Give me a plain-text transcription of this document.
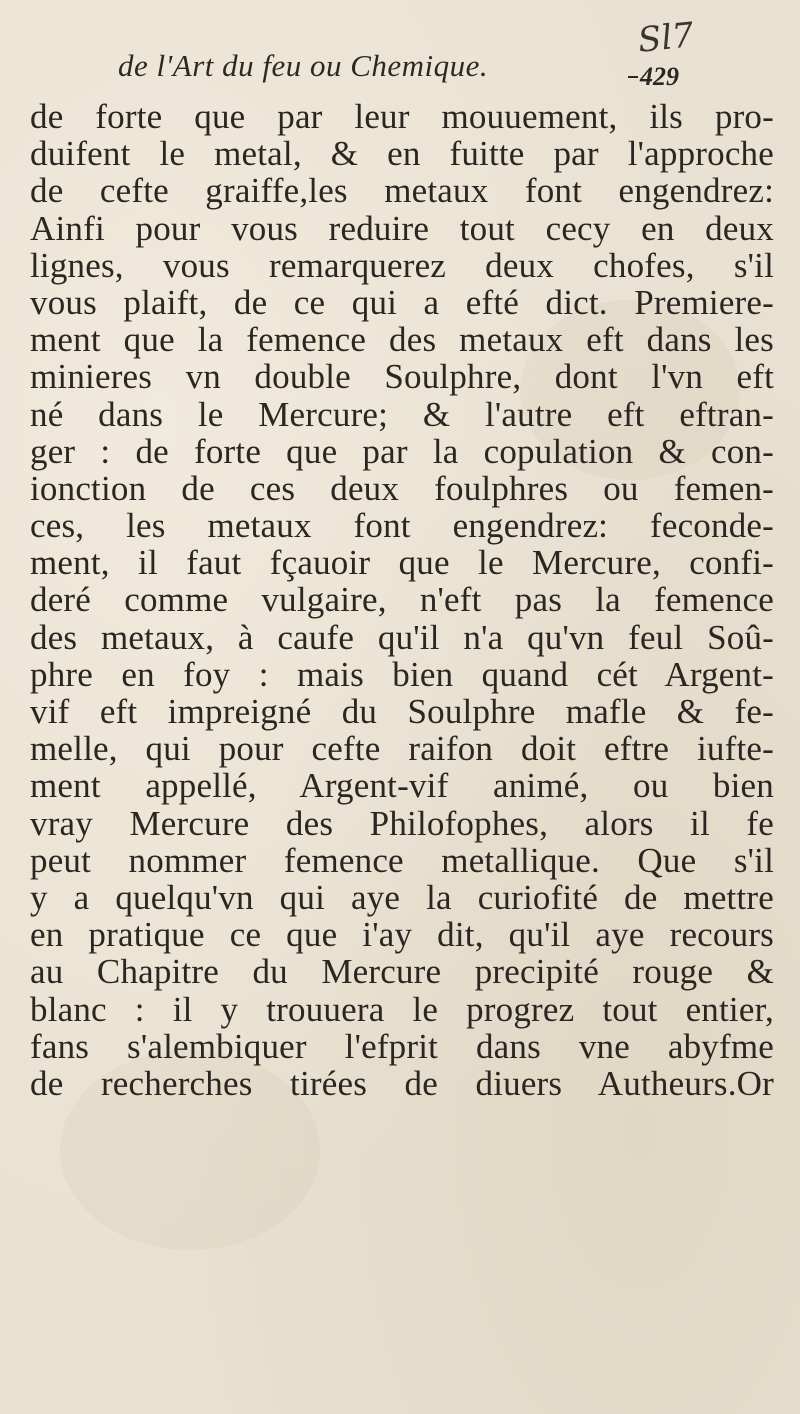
de l'Art du feu ou Chemique.
Sl7
429
de forte que par leur mouuement, ils pro-
duifent le metal, & en fuitte par l'approche
de cefte graiffe,les metaux font engendrez:
Ainfi pour vous reduire tout cecy en deux
lignes, vous remarquerez deux chofes, s'il
vous plaift, de ce qui a efté dict. Premiere-
ment que la femence des metaux eft dans les
minieres vn double Soulphre, dont l'vn eft
né dans le Mercure; & l'autre eft eftran-
ger : de forte que par la copulation & con-
ionction de ces deux foulphres ou femen-
ces, les metaux font engendrez: feconde-
ment, il faut fçauoir que le Mercure, confi-
deré comme vulgaire, n'eft pas la femence
des metaux, à caufe qu'il n'a qu'vn feul Soû-
phre en foy : mais bien quand cét Argent-
vif eft impreigné du Soulphre mafle & fe-
melle, qui pour cefte raifon doit eftre iufte-
ment appellé, Argent-vif animé, ou bien
vray Mercure des Philofophes, alors il fe
peut nommer femence metallique. Que s'il
y a quelqu'vn qui aye la curiofité de mettre
en pratique ce que i'ay dit, qu'il aye recours
au Chapitre du Mercure precipité rouge &
blanc : il y trouuera le progrez tout entier,
fans s'alembiquer l'efprit dans vne abyfme
de recherches tirées de diuers Autheurs.Or
